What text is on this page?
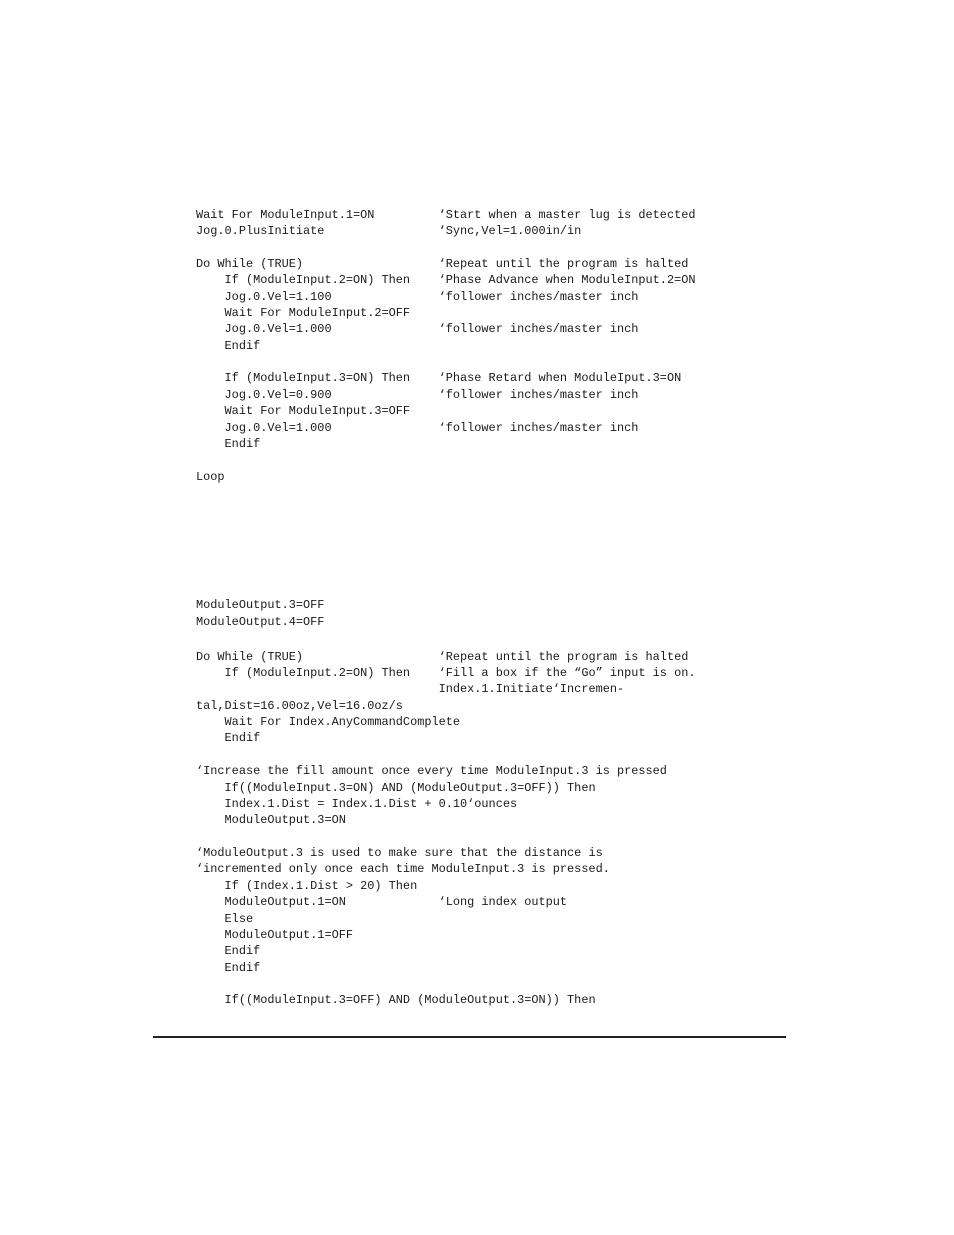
Wait For ModuleInput.1=ON         ‘Start when a master lug is detected
Jog.0.PlusInitiate                ‘Sync,Vel=1.000in/in
Do While (TRUE)                   ‘Repeat until the program is halted
If (ModuleInput.2=ON) Then    ‘Phase Advance when ModuleInput.2=ON
Jog.0.Vel=1.100               ‘follower inches/master inch
Wait For ModuleInput.2=OFF
Jog.0.Vel=1.000               ‘follower inches/master inch
Endif
If (ModuleInput.3=ON) Then    ‘Phase Retard when ModuleIput.3=ON
Jog.0.Vel=0.900               ‘follower inches/master inch
Wait For ModuleInput.3=OFF
Jog.0.Vel=1.000               ‘follower inches/master inch
Endif
Loop
ModuleOutput.3=OFF
ModuleOutput.4=OFF
Do While (TRUE)                   ‘Repeat until the program is halted
If (ModuleInput.2=ON) Then    ‘Fill a box if the “Go” input is on.
Index.1.Initiate‘Incremen-
tal,Dist=16.00oz,Vel=16.0oz/s
Wait For Index.AnyCommandComplete
Endif
‘Increase the fill amount once every time ModuleInput.3 is pressed
If((ModuleInput.3=ON) AND (ModuleOutput.3=OFF)) Then
Index.1.Dist = Index.1.Dist + 0.10‘ounces
ModuleOutput.3=ON
‘ModuleOutput.3 is used to make sure that the distance is
‘incremented only once each time ModuleInput.3 is pressed.
If (Index.1.Dist > 20) Then
ModuleOutput.1=ON             ‘Long index output
Else
ModuleOutput.1=OFF
Endif
Endif
If((ModuleInput.3=OFF) AND (ModuleOutput.3=ON)) Then
